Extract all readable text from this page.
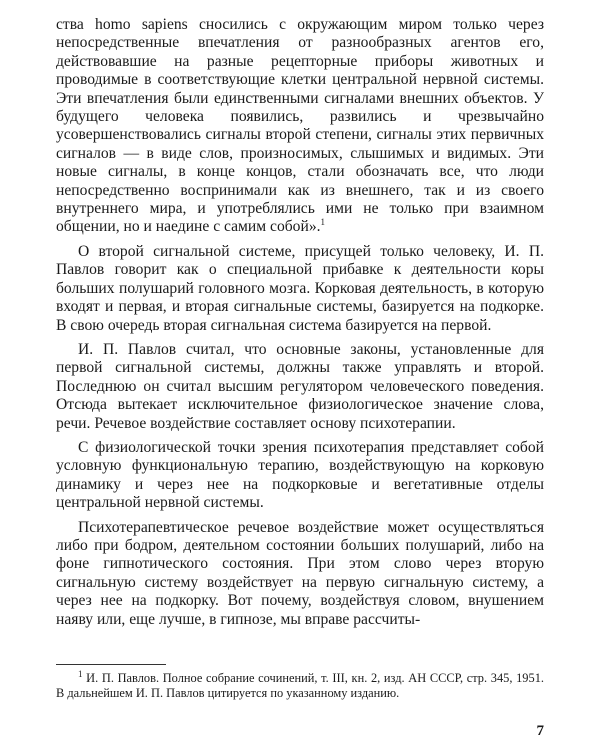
ства homo sapiens сносились с окружающим миром только через непосредственные впечатления от разнообразных агентов его, действовавшие на разные рецепторные приборы животных и проводимые в соответствующие клетки центральной нервной системы. Эти впечатления были единственными сигналами внешних объектов. У будущего человека появились, развились и чрезвычайно усовершенствовались сигналы второй степени, сигналы этих первичных сигналов — в виде слов, произносимых, слышимых и видимых. Эти новые сигналы, в конце концов, стали обозначать все, что люди непосредственно воспринимали как из внешнего, так и из своего внутреннего мира, и употреблялись ими не только при взаимном общении, но и наедине с самим собой».$^1$

О второй сигнальной системе, присущей только человеку, И. П. Павлов говорит как о специальной прибавке к деятельности коры больших полушарий головного мозга. Корковая деятельность, в которую входят и первая, и вторая сигнальные системы, базируется на подкорке. В свою очередь вторая сигнальная система базируется на первой.

И. П. Павлов считал, что основные законы, установленные для первой сигнальной системы, должны также управлять и второй. Последнюю он считал высшим регулятором человеческого поведения. Отсюда вытекает исключительное физиологическое значение слова, речи. Речевое воздействие составляет основу психотерапии.

С физиологической точки зрения психотерапия представляет собой условную функциональную терапию, воздействующую на корковую динамику и через нее на подкорковые и вегетативные отделы центральной нервной системы.

Психотерапевтическое речевое воздействие может осуществляться либо при бодром, деятельном состоянии больших полушарий, либо на фоне гипнотического состояния. При этом слово через вторую сигнальную систему воздействует на первую сигнальную систему, а через нее на подкорку. Вот почему, воздействуя словом, внушением наяву или, еще лучше, в гипнозе, мы вправе рассчиты-

$^1$ И. П. Павлов. Полное собрание сочинений, т. III, кн. 2, изд. АН СССР, стр. 345, 1951. В дальнейшем И. П. Павлов цитируется по указанному изданию.

7
